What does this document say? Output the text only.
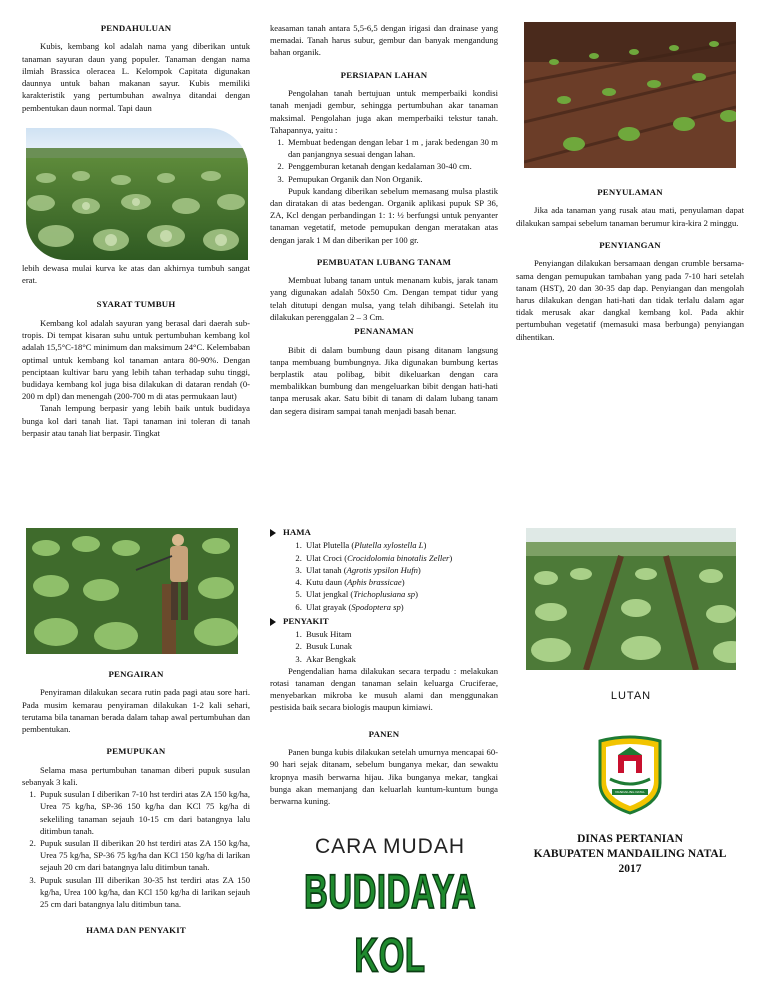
PENDAHULUAN

Kubis, kembang kol adalah nama yang diberikan untuk tanaman sayuran daun yang populer. Tanaman dengan nama ilmiah Brassica oleracea L. Kelompok Capitata digunakan daunnya untuk bahan makanan sayur. Kubis memiliki karakteristik yang pertumbuhan awalnya ditandai dengan pembentukan daun normal. Tapi daun

lebih dewasa mulai kurva ke atas dan akhirnya tumbuh sangat erat.

SYARAT TUMBUH

Kembang kol adalah sayuran yang berasal dari daerah sub-tropis. Di tempat kisaran suhu untuk pertumbuhan kembang kol adalah 15,5°C-18°C minimum dan maksimum 24°C. Kelembaban optimal untuk kembang kol tanaman antara 80-90%. Dengan penciptaan kultivar baru yang lebih tahan terhadap suhu tinggi, budidaya kembang kol juga bisa dilakukan di dataran rendah (0-200 m dpl) dan menengah (200-700 m di atas permukaan laut)

Tanah lempung berpasir yang lebih baik untuk budidaya bunga kol dari tanah liat. Tapi tanaman ini toleran di tanah berpasir atau tanah liat berpasir. Tingkat

keasaman tanah antara 5,5-6,5 dengan irigasi dan drainase yang memadai. Tanah harus subur, gembur dan banyak mengandung bahan organik.

PERSIAPAN LAHAN

Pengolahan tanah bertujuan untuk memperbaiki kondisi tanah menjadi gembur, sehingga pertumbuhan akar tanaman maksimal. Pengolahan juga akan memperbaiki tekstur tanah. Tahapannya, yaitu :

1. Membuat bedengan dengan lebar 1 m , jarak bedengan 30 m dan panjangnya sesuai dengan lahan.
2. Penggemburan ketanah dengan kedalaman 30-40 cm.
3. Pemupukan Organik dan Non Organik.

Pupuk kandang diberikan sebelum memasang mulsa plastik dan diratakan di atas bedengan. Organik aplikasi pupuk SP 36, ZA, Kcl dengan perbandingan 1: 1: ½ berfungsi untuk penyanter tanaman vegetatif, metode pemupukan dengan meratakan atas dengan jarak 1 M dan diberikan per 100 gr.

PEMBUATAN LUBANG TANAM

Membuat lubang tanam untuk menanam kubis, jarak tanam yang digunakan adalah 50x50 Cm. Dengan tempat tidur yang telah ditutupi dengan mulsa, yang telah dihibangi. Setelah itu dilakukan perenggalan 2 – 3 Cm.

PENANAMAN

Bibit di dalam bumbung daun pisang ditanam langsung tanpa membuang bumbungnya. Jika digunakan bumbung kertas berplastik atau polibag, bibit dikeluarkan dengan cara membalikkan bumbung dan mengeluarkan bibit dengan hati-hati tanpa merusak akar. Satu bibit di tanam di dalam lubang tanam dan segera disiram sampai tanah menjadi basah benar.

PENYULAMAN

Jika ada tanaman yang rusak atau mati, penyulaman dapat dilakukan sampai sebelum tanaman berumur kira-kira 2 minggu.

PENYIANGAN

Penyiangan dilakukan bersamaan dengan crumble bersama-sama dengan pemupukan tambahan yang pada 7-10 hari setelah tanam (HST), 20 dan 30-35 dap dap. Penyiangan dan mengolah harus dilakukan dengan hati-hati dan tidak terlalu dalam agar tidak merusak akar dangkal kembang kol. Pada akhir pertumbuhan vegetatif (memasuki masa berbunga) penyiangan dihentikan.

PENGAIRAN

Penyiraman dilakukan secara rutin pada pagi atau sore hari. Pada musim kemarau penyiraman dilakukan 1-2 kali sehari, terutama bila tanaman berada dalam tahap awal pertumbuhan dan pembentukan.

PEMUPUKAN

Selama masa pertumbuhan tanaman diberi pupuk susulan sebanyak 3 kali.

1. Pupuk susulan I diberikan 7-10 hst terdiri atas ZA 150 kg/ha, Urea 75 kg/ha, SP-36 150 kg/ha dan KCl 75 kg/ha di sekeliling tanaman sejauh 10-15 cm dari batangnya lalu ditimbun tanah.
2. Pupuk susulan II diberikan 20 hst terdiri atas ZA 150 kg/ha, Urea 75 kg/ha, SP-36 75 kg/ha dan KCl 150 kg/ha di larikan sejauh 20 cm dari batangnya lalu ditimbun tanah.
3. Pupuk susulan III diberikan 30-35 hst terdiri atas ZA 150 kg/ha, Urea 100 kg/ha, dan KCl 150 kg/ha di larikan sejauh 25 cm dari batangnya lalu ditimbun tana.
HAMA DAN PENYAKIT
HAMA
1. Ulat Plutella (Plutella xylostella L)
2. Ulat Croci (Crocidolomia binotalis Zeller)
3. Ulat tanah (Agrotis ypsilon Hufn)
4. Kutu daun (Aphis brassicae)
5. Ulat jengkal (Trichoplusiana sp)
6. Ulat grayak (Spodoptera sp)
PENYAKIT
1. Busuk Hitam
2. Busuk Lunak
3. Akar Bengkak

Pengendalian hama dilakukan secara terpadu : melakukan rotasi tanaman dengan tanaman selain keluarga Cruciferae, menyebarkan mikroba ke musuh alami dan menggunakan pestisida baik secara biologis maupun kimiawi.

PANEN

Panen bunga kubis dilakukan setelah umurnya mencapai 60-90 hari sejak ditanam, sebelum bunganya mekar, dan sewaktu kropnya masih berwarna hijau. Jika bunganya mekar, tangkai bunga akan memanjang dan keluarlah kuntum-kuntum bunga berwarna kuning.

CARA MUDAH
BUDIDAYA KOL
LUTAN
MANDAILING NATAL
DINAS PERTANIAN
KABUPATEN MANDAILING NATAL
2017
